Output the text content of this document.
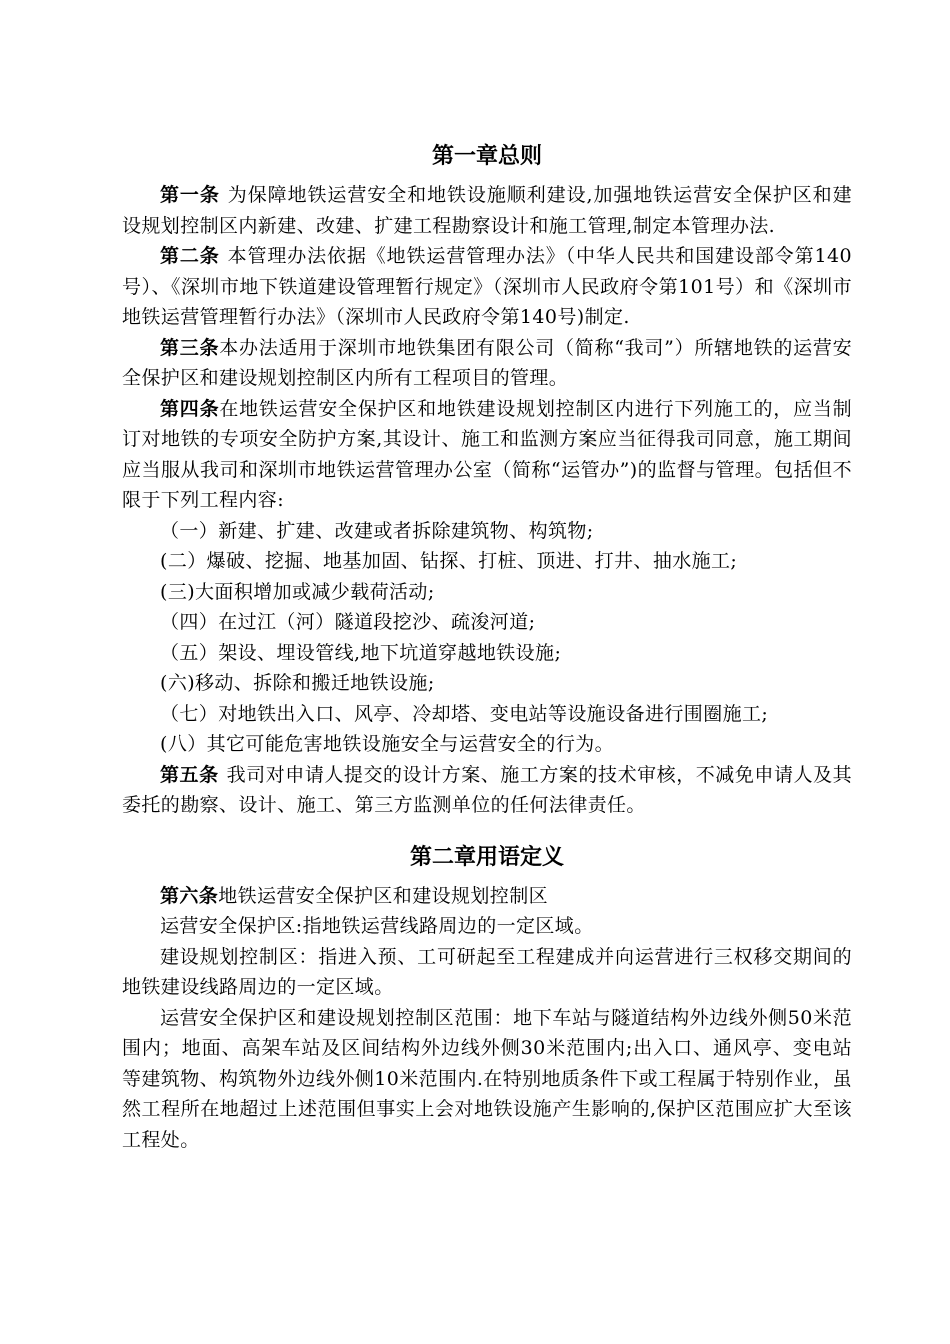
第一章总则

第一条 为保障地铁运营安全和地铁设施顺利建设,加强地铁运营安全保护区和建设规划控制区内新建、改建、扩建工程勘察设计和施工管理,制定本管理办法.

第二条 本管理办法依据《地铁运营管理办法》（中华人民共和国建设部令第140号）、《深圳市地下铁道建设管理暂行规定》（深圳市人民政府令第101号）和《深圳市地铁运营管理暂行办法》（深圳市人民政府令第140号)制定.

第三条本办法适用于深圳市地铁集团有限公司（简称“我司”）所辖地铁的运营安全保护区和建设规划控制区内所有工程项目的管理。

第四条在地铁运营安全保护区和地铁建设规划控制区内进行下列施工的，应当制订对地铁的专项安全防护方案,其设计、施工和监测方案应当征得我司同意，施工期间应当服从我司和深圳市地铁运营管理办公室（简称“运管办”)的监督与管理。包括但不限于下列工程内容:

（一）新建、扩建、改建或者拆除建筑物、构筑物;

(二）爆破、挖掘、地基加固、钻探、打桩、顶进、打井、抽水施工;

(三)大面积增加或减少载荷活动;

（四）在过江（河）隧道段挖沙、疏浚河道;

（五）架设、埋设管线,地下坑道穿越地铁设施;

(六)移动、拆除和搬迁地铁设施;

（七）对地铁出入口、风亭、冷却塔、变电站等设施设备进行围圈施工;

(八）其它可能危害地铁设施安全与运营安全的行为。

第五条 我司对申请人提交的设计方案、施工方案的技术审核，不减免申请人及其委托的勘察、设计、施工、第三方监测单位的任何法律责任。

第二章用语定义

第六条地铁运营安全保护区和建设规划控制区

运营安全保护区:指地铁运营线路周边的一定区域。

建设规划控制区：指进入预、工可研起至工程建成并向运营进行三权移交期间的地铁建设线路周边的一定区域。

运营安全保护区和建设规划控制区范围：地下车站与隧道结构外边线外侧50米范围内；地面、高架车站及区间结构外边线外侧30米范围内;出入口、通风亭、变电站等建筑物、构筑物外边线外侧10米范围内.在特别地质条件下或工程属于特别作业，虽然工程所在地超过上述范围但事实上会对地铁设施产生影响的,保护区范围应扩大至该工程处。
